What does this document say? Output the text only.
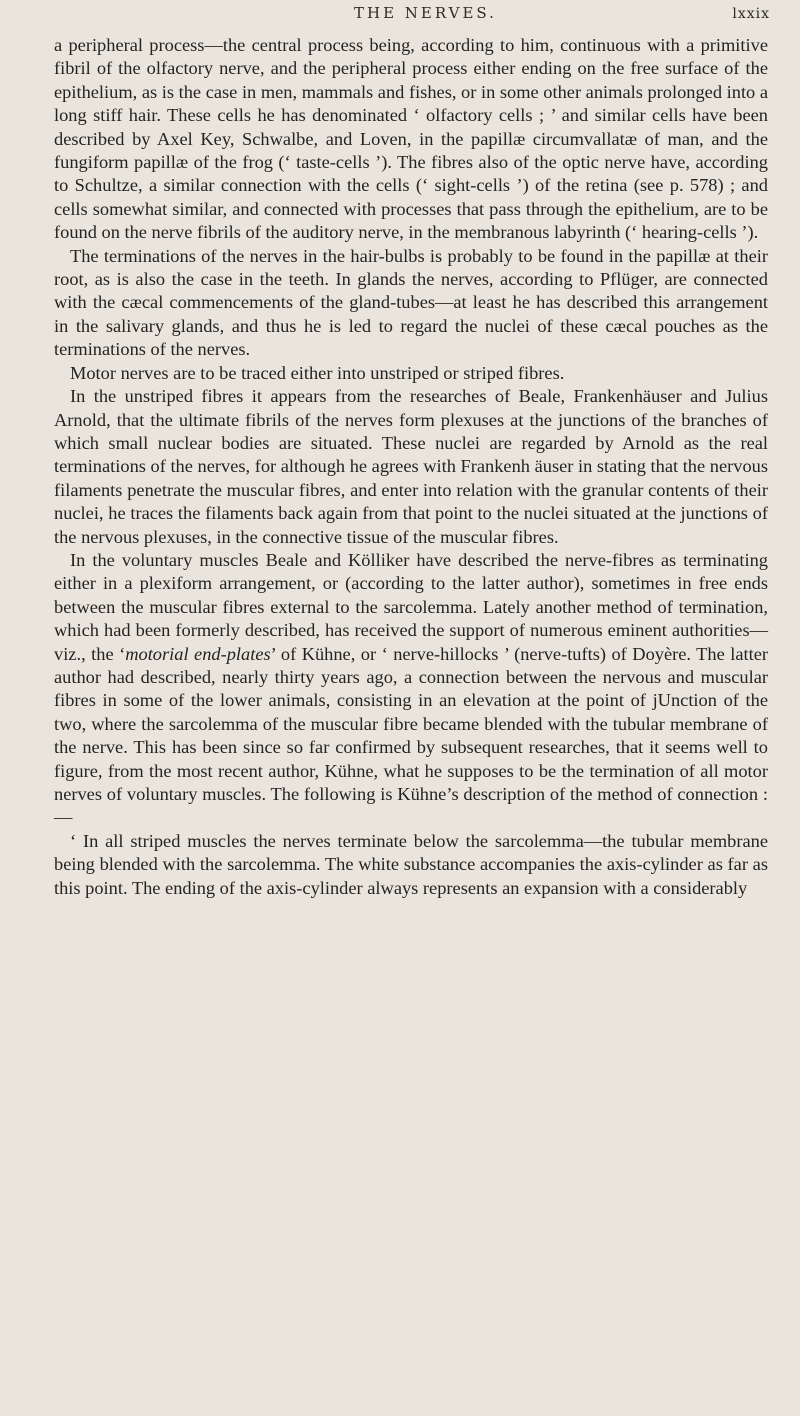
THE NERVES.	lxxix

a peripheral process—the central process being, according to him, continuous with a primitive fibril of the olfactory nerve, and the peripheral process either ending on the free surface of the epithelium, as is the case in men, mammals and fishes, or in some other animals prolonged into a long stiff hair. These cells he has denominated ‘ olfactory cells ; ’ and similar cells have been described by Axel Key, Schwalbe, and Loven, in the papillæ circumvallatæ of man, and the fungiform papillæ of the frog (‘ taste-cells ’). The fibres also of the optic nerve have, according to Schultze, a similar connection with the cells (‘ sight-cells ’) of the retina (see p. 578) ; and cells somewhat similar, and connected with processes that pass through the epithelium, are to be found on the nerve fibrils of the auditory nerve, in the membranous labyrinth (‘ hearing-cells ’).

The terminations of the nerves in the hair-bulbs is probably to be found in the papillæ at their root, as is also the case in the teeth. In glands the nerves, according to Pflüger, are connected with the cæcal commencements of the gland-tubes—at least he has described this arrangement in the salivary glands, and thus he is led to regard the nuclei of these cæcal pouches as the terminations of the nerves.

Motor nerves are to be traced either into unstriped or striped fibres.

In the unstriped fibres it appears from the researches of Beale, Frankenhäuser and Julius Arnold, that the ultimate fibrils of the nerves form plexuses at the junctions of the branches of which small nuclear bodies are situated. These nuclei are regarded by Arnold as the real terminations of the nerves, for although he agrees with Frankenh äuser in stating that the nervous filaments penetrate the muscular fibres, and enter into relation with the granular contents of their nuclei, he traces the filaments back again from that point to the nuclei situated at the junctions of the nervous plexuses, in the connective tissue of the muscular fibres.

In the voluntary muscles Beale and Kölliker have described the nerve-fibres as terminating either in a plexiform arrangement, or (according to the latter author), sometimes in free ends between the muscular fibres external to the sarcolemma. Lately another method of termination, which had been formerly described, has received the support of numerous eminent authorities—viz., the ‘motorial end-plates’ of Kühne, or ‘ nerve-hillocks ’ (nerve-tufts) of Doyère. The latter author had described, nearly thirty years ago, a connection between the nervous and muscular fibres in some of the lower animals, consisting in an elevation at the point of jUnction of the two, where the sarcolemma of the muscular fibre became blended with the tubular membrane of the nerve. This has been since so far confirmed by subsequent researches, that it seems well to figure, from the most recent author, Kühne, what he supposes to be the termination of all motor nerves of voluntary muscles. The following is Kühne’s description of the method of connection : —

‘ In all striped muscles the nerves terminate below the sarcolemma—the tubular membrane being blended with the sarcolemma. The white substance accompanies the axis-cylinder as far as this point. The ending of the axis-cylinder always represents an expansion with a considerably
